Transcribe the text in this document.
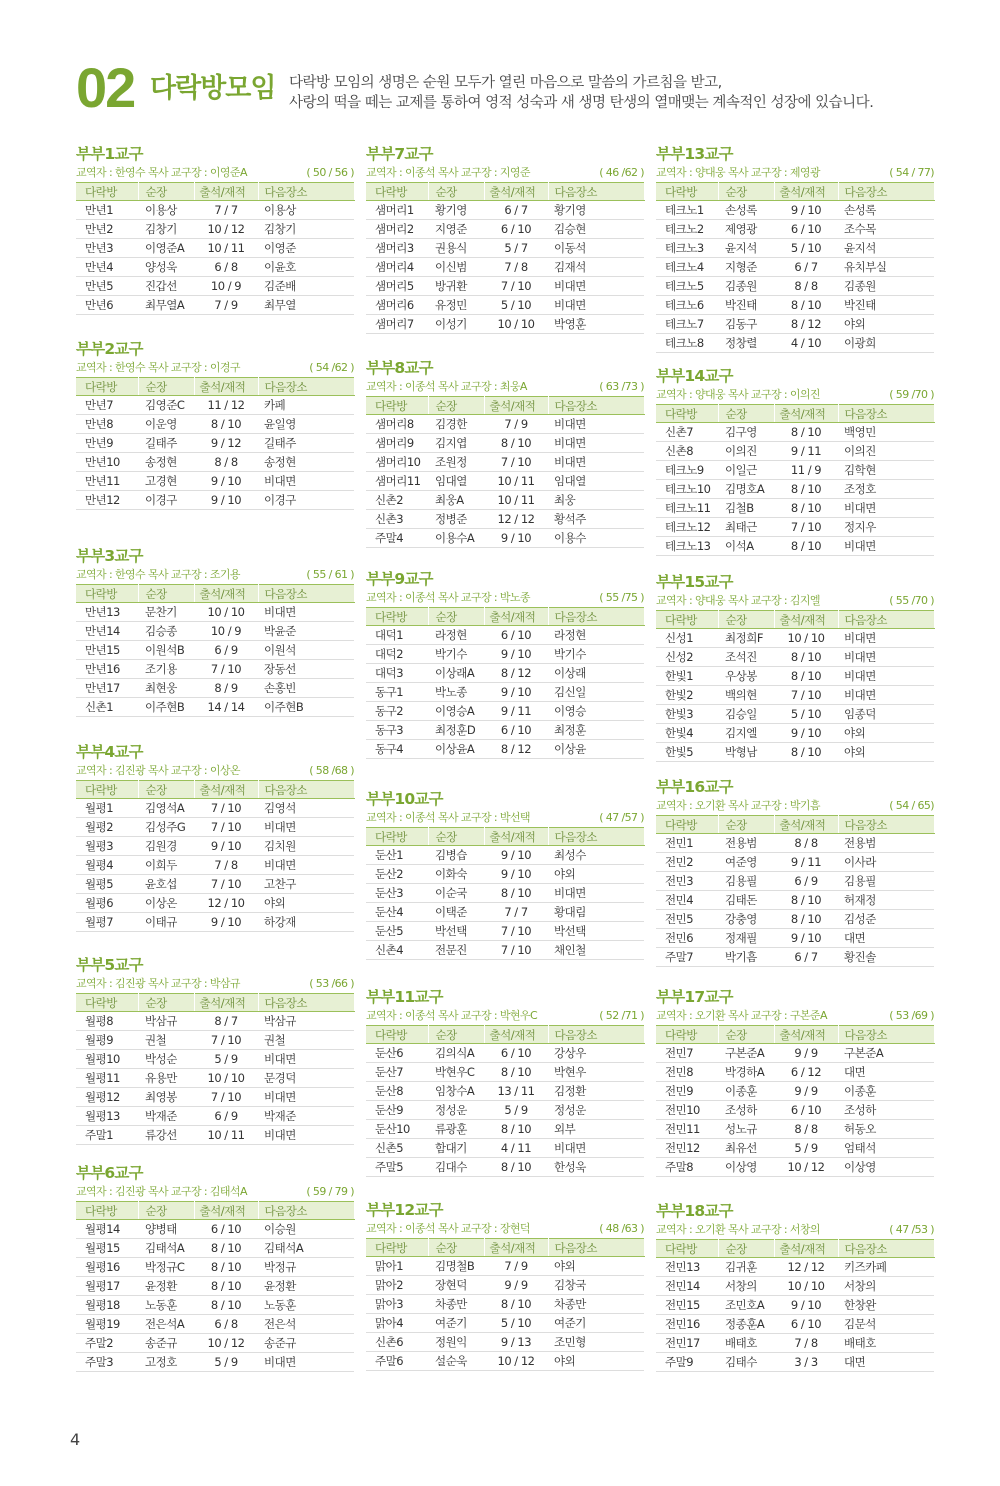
02 다락방모임 다락방 모임의 생명은 순원 모두가 열린 마음으로 말씀의 가르침을 받고,
사랑의 떡을 떼는 교제를 통하여 영적 성숙과 새 생명 탄생의 열매맺는 계속적인 성장에 있습니다.
부부1교구
교역자 : 한영수 목사 교구장 : 이영준A	( 50 / 56 )
다락방	순장	출석/재적	다음장소
만년1	이용상	7 / 7	이용상
만년2	김창기	10 / 12	김창기
만년3	이영준A	10 / 11	이영준
만년4	양성욱	6 / 8	이윤호
만년5	진갑선	10 / 9	김준배
만년6	최무열A	7 / 9	최무열
부부2교구
교역자 : 한영수 목사 교구장 : 이경구	( 54 /62 )
다락방	순장	출석/재적	다음장소
만년7	김영준C	11 / 12	카페
만년8	이운영	8 / 10	윤일영
만년9	길태주	9 / 12	길태주
만년10	송정현	8 / 8	송정현
만년11	고경현	9 / 10	비대면
만년12	이경구	9 / 10	이경구
부부3교구
교역자 : 한영수 목사 교구장 : 조기용	( 55 / 61 )
다락방	순장	출석/재적	다음장소
만년13	문찬기	10 / 10	비대면
만년14	김승종	10 / 9	박윤준
만년15	이원석B	6 / 9	이원석
만년16	조기용	7 / 10	장동선
만년17	최현웅	8 / 9	손홍빈
신촌1	이주현B	14 / 14	이주현B
부부4교구
교역자 : 김진광 목사 교구장 : 이상온	( 58 /68 )
다락방	순장	출석/재적	다음장소
월평1	김영석A	7 / 10	김영석
월평2	김성주G	7 / 10	비대면
월평3	김원경	9 / 10	김치원
월평4	이희두	7 / 8	비대면
월평5	윤호섭	7 / 10	고찬구
월평6	이상온	12 / 10	야외
월평7	이태규	9 / 10	하강재
부부5교구
교역자 : 김진광 목사 교구장 : 박삼규	( 53 /66 )
다락방	순장	출석/재적	다음장소
월평8	박삼규	8 / 7	박삼규
월평9	권철	7 / 10	권철
월평10	박성순	5 / 9	비대면
월평11	유용만	10 / 10	문경덕
월평12	최영봉	7 / 10	비대면
월평13	박재준	6 / 9	박재준
주말1	류강선	10 / 11	비대면
부부6교구
교역자 : 김진광 목사 교구장 : 김태석A	( 59 / 79 )
다락방	순장	출석/재적	다음장소
월평14	양병태	6 / 10	이승원
월평15	김태석A	8 / 10	김태석A
월평16	박정규C	8 / 10	박정규
월평17	윤정환	8 / 10	윤정환
월평18	노동훈	8 / 10	노동훈
월평19	전은석A	6 / 8	전은석
주말2	송준규	10 / 12	송준규
주말3	고정호	5 / 9	비대면
부부7교구
교역자 : 이종석 목사 교구장 : 지영준	( 46 /62 )
다락방	순장	출석/재적	다음장소
샘머리1	황기영	6 / 7	황기영
샘머리2	지영준	6 / 10	김승현
샘머리3	권용식	5 / 7	이동석
샘머리4	이신범	7 / 8	김재석
샘머리5	방귀환	7 / 10	비대면
샘머리6	유정민	5 / 10	비대면
샘머리7	이성기	10 / 10	박영훈
부부8교구
교역자 : 이종석 목사 교구장 : 최웅A	( 63 /73 )
다락방	순장	출석/재적	다음장소
샘머리8	김경한	7 / 9	비대면
샘머리9	김지엽	8 / 10	비대면
샘머리10	조원정	7 / 10	비대면
샘머리11	임대열	10 / 11	임대열
신촌2	최웅A	10 / 11	최웅
신촌3	정병준	12 / 12	황석주
주말4	이용수A	9 / 10	이용수
부부9교구
교역자 : 이종석 목사 교구장 : 박노종	( 55 /75 )
다락방	순장	출석/재적	다음장소
대덕1	라정현	6 / 10	라정현
대덕2	박기수	9 / 10	박기수
대덕3	이상래A	8 / 12	이상래
동구1	박노종	9 / 10	김신일
동구2	이영승A	9 / 11	이영승
동구3	최정훈D	6 / 10	최정훈
동구4	이상윤A	8 / 12	이상윤
부부10교구
교역자 : 이종석 목사 교구장 : 박선택	( 47 /57 )
다락방	순장	출석/재적	다음장소
둔산1	김병습	9 / 10	최성수
둔산2	이화숙	9 / 10	야외
둔산3	이순국	8 / 10	비대면
둔산4	이택준	7 / 7	황대림
둔산5	박선택	7 / 10	박선택
신촌4	전문진	7 / 10	채인철
부부11교구
교역자 : 이종석 목사 교구장 : 박현우C	( 52 /71 )
다락방	순장	출석/재적	다음장소
둔산6	김의식A	6 / 10	강상우
둔산7	박현우C	8 / 10	박현우
둔산8	임창수A	13 / 11	김정환
둔산9	정성운	5 / 9	정성운
둔산10	류광훈	8 / 10	외부
신촌5	함대기	4 / 11	비대면
주말5	김대수	8 / 10	한성욱
부부12교구
교역자 : 이종석 목사 교구장 : 장현덕	( 48 /63 )
다락방	순장	출석/재적	다음장소
맑아1	김명철B	7 / 9	야외
맑아2	장현덕	9 / 9	김창국
맑아3	차종만	8 / 10	차종만
맑아4	여준기	5 / 10	여준기
신촌6	정원익	9 / 13	조민형
주말6	설순욱	10 / 12	야외
부부13교구
교역자 : 양대웅 목사 교구장 : 제영광	( 54 / 77)
다락방	순장	출석/재적	다음장소
테크노1	손성록	9 / 10	손성록
테크노2	제영광	6 / 10	조수목
테크노3	윤지석	5 / 10	윤지석
테크노4	지형준	6 / 7	유치부실
테크노5	김종원	8 / 8	김종원
테크노6	박진태	8 / 10	박진태
테크노7	김동구	8 / 12	야외
테크노8	정창렬	4 / 10	이광희
부부14교구
교역자 : 양대웅 목사 교구장 : 이의진	( 59 /70 )
다락방	순장	출석/재적	다음장소
신촌7	김구영	8 / 10	백영민
신촌8	이의진	9 / 11	이의진
테크노9	이일근	11 / 9	김학현
테크노10	김명호A	8 / 10	조정호
테크노11	김철B	8 / 10	비대면
테크노12	최태근	7 / 10	정지우
테크노13	이석A	8 / 10	비대면
부부15교구
교역자 : 양대웅 목사 교구장 : 김지엘	( 55 /70 )
다락방	순장	출석/재적	다음장소
신성1	최정희F	10 / 10	비대면
신성2	조석진	8 / 10	비대면
한빛1	우상봉	8 / 10	비대면
한빛2	백의현	7 / 10	비대면
한빛3	김승일	5 / 10	임종덕
한빛4	김지엘	9 / 10	야외
한빛5	박형남	8 / 10	야외
부부16교구
교역자 : 오기환 목사 교구장 : 박기흠	( 54 / 65)
다락방	순장	출석/재적	다음장소
전민1	전용범	8 / 8	전용범
전민2	여준영	9 / 11	이사라
전민3	김용필	6 / 9	김용필
전민4	김태돈	8 / 10	허재정
전민5	강충영	8 / 10	김성준
전민6	정재필	9 / 10	대면
주말7	박기흠	6 / 7	황진솔
부부17교구
교역자 : 오기환 목사 교구장 : 구본준A	( 53 /69 )
다락방	순장	출석/재적	다음장소
전민7	구본준A	9 / 9	구본준A
전민8	박경하A	6 / 12	대면
전민9	이종훈	9 / 9	이종훈
전민10	조성하	6 / 10	조성하
전민11	성노규	8 / 8	허동오
전민12	최유선	5 / 9	엄태석
주말8	이상영	10 / 12	이상영
부부18교구
교역자 : 오기환 목사 교구장 : 서창의	( 47 /53 )
다락방	순장	출석/재적	다음장소
전민13	김귀훈	12 / 12	키즈카페
전민14	서창의	10 / 10	서창의
전민15	조민호A	9 / 10	한창완
전민16	정종훈A	6 / 10	김문석
전민17	배태호	7 / 8	배태호
주말9	김태수	3 / 3	대면
4
